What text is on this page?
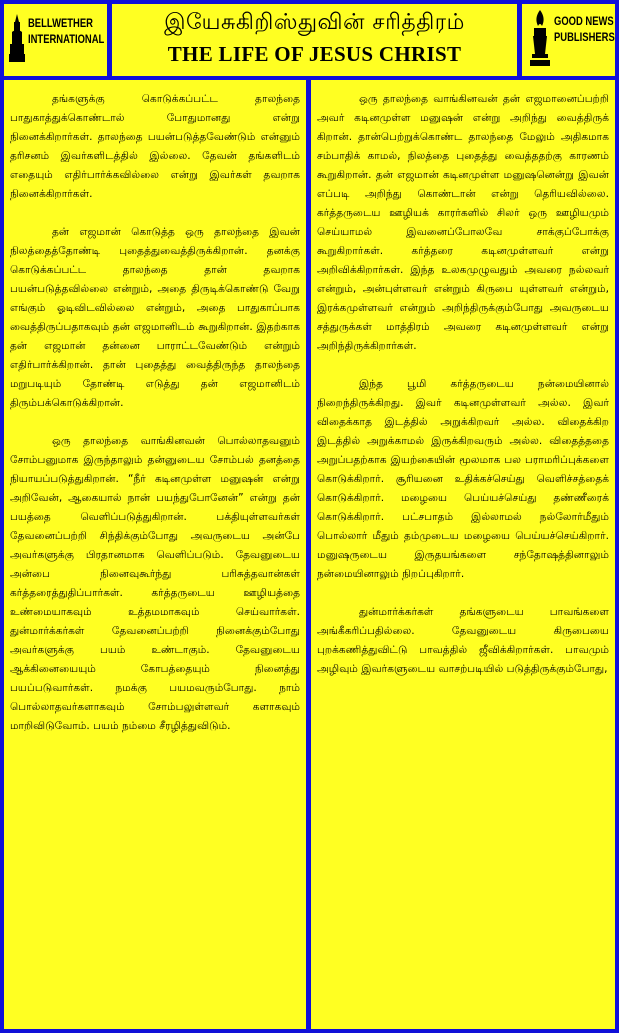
BELLWETHER
INTERNATIONAL
இயேசுகிறிஸ்துவின் சரித்திரம்
THE LIFE OF JESUS CHRIST
GOOD NEWS
PUBLISHERS

தங்களுக்கு கொடுக்கப்பட்ட தாலந்தை பாதுகாத்துக்கொண்டால் போதுமானது என்று நினைக்கிறார்கள். தாலந்தை பயன்படுத்தவேண்டும் என்னும் தரிசனம் இவர்களிடத்தில் இல்லை. தேவன் தங்களிடம் எதையும் எதிர்பார்க்கவில்லை என்று இவர்கள் தவறாக நினைக்கிறார்கள்.

தன் எஜமான் கொடுத்த ஒரு தாலந்தை இவன் நிலத்தைத்தோண்டி புதைத்துவைத்திருக்கிறான். தனக்கு கொடுக்கப்பட்ட தாலந்தை தான் தவறாக பயன்படுத்தவில்லை என்றும், அதை திருடிக்கொண்டு வேறு எங்கும் ஓடிவிடவில்லை என்றும், அதை பாதுகாப்பாக வைத்திருப்பதாகவும் தன் எஜமானிடம் கூறுகிறான். இதற்காக தன் எஜமான் தன்னை பாராட்டவேண்டும் என்றும் எதிர்பார்க்கிறான். தான் புதைத்து வைத்திருந்த தாலந்தை மறுபடியும் தோண்டி எடுத்து தன் எஜமானிடம் திரும்பக்கொடுக்கிறான்.

ஒரு தாலந்தை வாங்கினவன் பொல்லாதவனும் சோம்பனுமாக இருந்தாலும் தன்னுடைய சோம்பல் தனத்தை நியாயப்படுத்துகிறான். “நீர் கடினமுள்ள மனுஷன் என்று அறிவேன், ஆகையால் நான் பயந்துபோனேன்” என்று தன் பயத்தை வெளிப்படுத்துகிறான். பக்தியுள்ளவர்கள் தேவனைப்பற்றி சிந்திக்கும்போது அவருடைய அன்பே அவர்களுக்கு பிரதானமாக வெளிப்படும். தேவனுடைய அன்பை நினைவுகூர்ந்து பரிசுத்தவான்கள் கர்த்தரைத்துதிப்பார்கள். கர்த்தருடைய ஊழியத்தை உண்மையாகவும் உத்தமமாகவும் செய்வார்கள். துன்மார்க்கர்கள் தேவனைப்பற்றி நினைக்கும்போது அவர்களுக்கு பயம் உண்டாகும். தேவனுடைய ஆக்கினையையும் கோபத்தையும் நினைத்து பயப்படுவார்கள். நமக்கு பயமவரும்போது. நாம் பொல்லாதவர்களாகவும் சோம்பலுள்ளவர் களாகவும் மாறிவிடுவோம். பயம் நம்மை சீரழித்துவிடும்.

ஒரு தாலந்தை வாங்கினவன் தன் எஜமானைப்பற்றி அவர் கடினமுள்ள மனுஷன் என்று அறிந்து வைத்திருக் கிறான். தான்பெற்றுக்கொண்ட தாலந்தை மேலும் அதிகமாக சம்பாதிக் காமல், நிலத்தை புதைத்து வைத்ததற்கு காரணம் கூறுகிறான். தன் எஜமான் கடினமுள்ள மனுஷனென்று இவன் எப்படி அறிந்து கொண்டான் என்று தெரியவில்லை. கர்த்தருடைய ஊழியக் காரர்களில் சிலர் ஒரு ஊழியமும் செய்யாமல் இவனைப்போலவே சாக்குப்போக்கு கூறுகிறார்கள். கர்த்தரை கடினமுள்ளவர் என்று அறிவிக்கிறார்கள். இந்த உலகமுழுவதும் அவரை நல்லவர் என்றும், அன்புள்ளவர் என்றும் கிருபை யுள்ளவர் என்றும், இரக்கமுள்ளவர் என்றும் அறிந்திருக்கும்போது அவருடைய சத்துருக்கள் மாத்திரம் அவரை கடினமுள்ளவர் என்று அறிந்திருக்கிறார்கள்.

இந்த பூமி கர்த்தருடைய நன்மையினால் நிறைந்திருக்கிறது. இவர் கடினமுள்ளவர் அல்ல. இவர் விதைக்காத இடத்தில் அறுக்கிறவர் அல்ல. விதைக்கிற இடத்தில் அறுக்காமல் இருக்கிறவரும் அல்ல. விதைத்ததை அறுப்பதற்காக இயற்கையின் மூலமாக பல பராமரிப்புக்களை கொடுக்கிறார். சூரியனை உதிக்கச்செய்து வெளிச்சத்தைக் கொடுக்கிறார். மழையை பெய்யச்செய்து தண்ணீரைக் கொடுக்கிறார். பட்சபாதம் இல்லாமல் நல்லோர்மீதும் பொல்லார் மீதும் தம்முடைய மழையை பெய்யச்செய்கிறார். மனுஷருடைய இருதயங்களை சந்தோஷத்தினாலும் நன்மையினாலும் நிறப்புகிறார்.

துன்மார்க்கர்கள் தங்களுடைய பாவங்களை அங்கீகரிப்பதில்லை. தேவனுடைய கிருபையை புறக்கணித்துவிட்டு பாவத்தில் ஜீவிக்கிறார்கள். பாவமும் அழிவும் இவர்களுடைய வாசற்படியில் படுத்திருக்கும்போது,
